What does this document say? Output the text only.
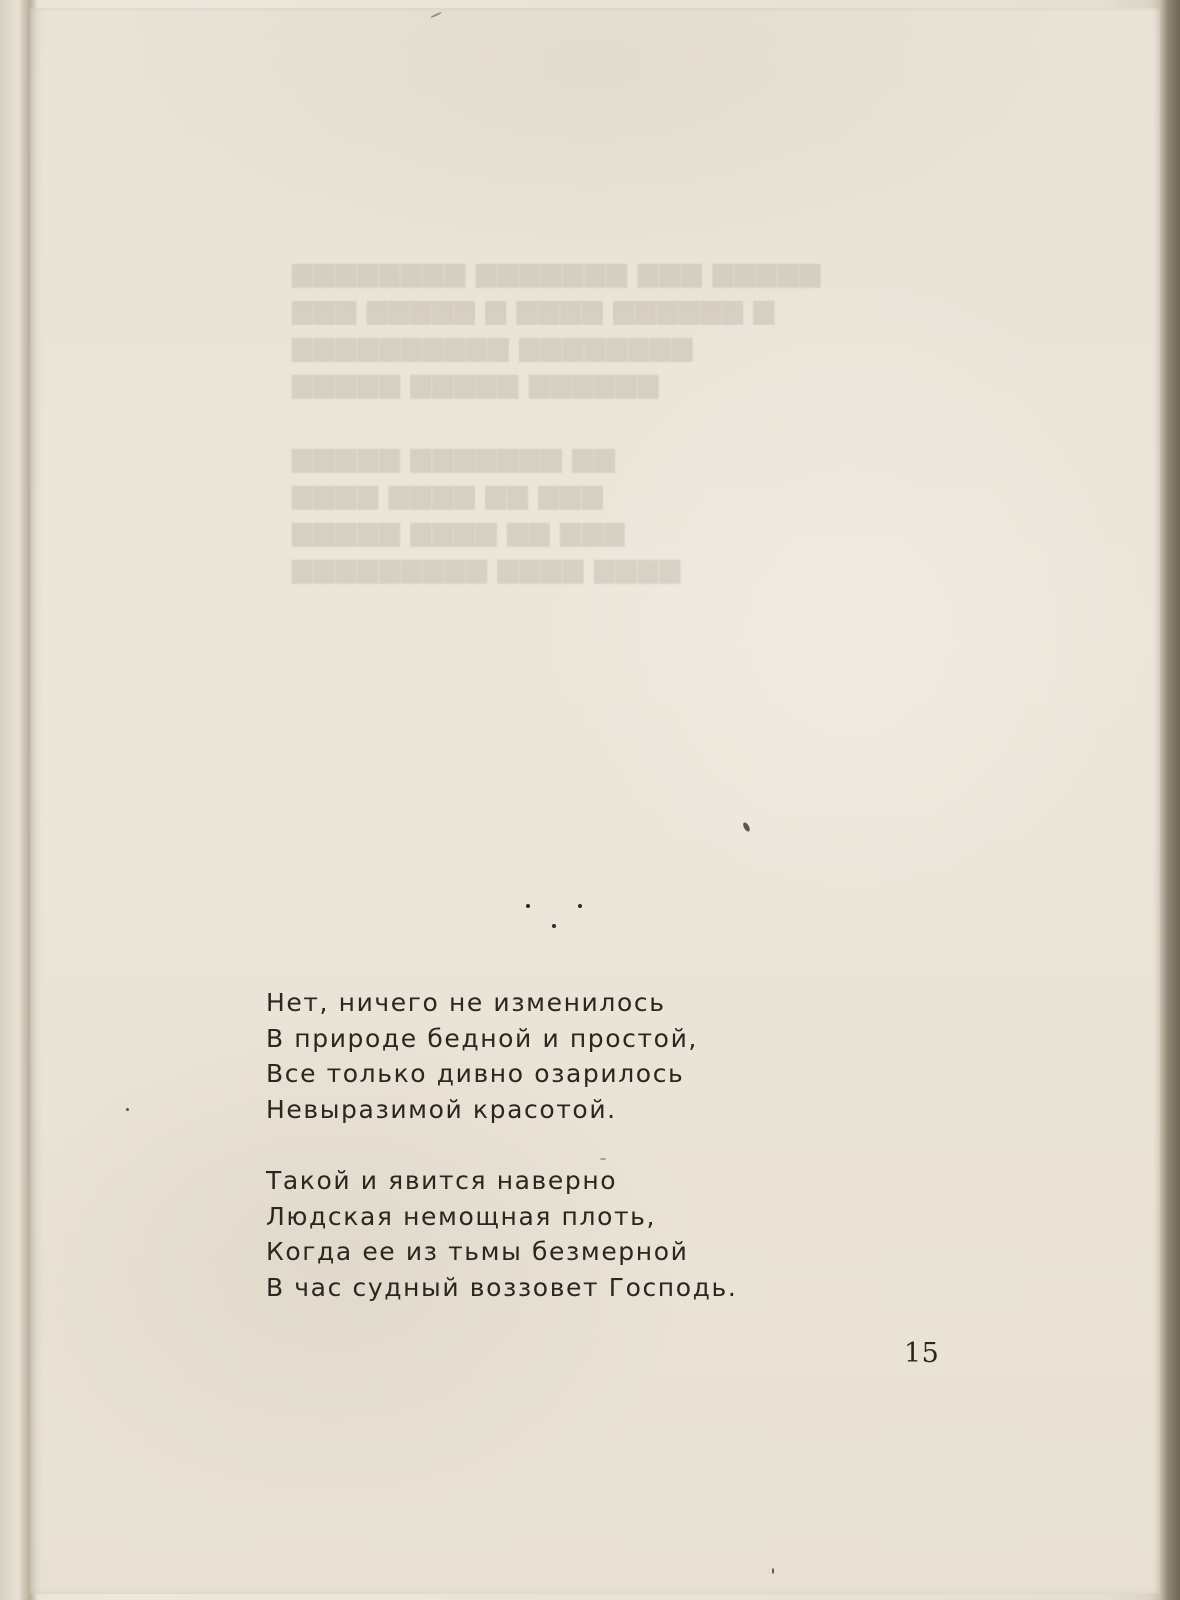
▆▆▆▆▆ ▆▆▆ ▆▆▆▆▆▆▆ ▆▆▆▆▆▆▆▆
▆ ▆▆▆▆▆▆ ▆▆▆▆ ▆ ▆▆▆▆▆ ▆▆▆
▆▆▆▆▆▆▆▆ ▆▆▆▆▆▆▆▆▆▆
▆▆▆▆▆▆ ▆▆▆▆▆ ▆▆▆▆▆

▆▆ ▆▆▆▆▆▆▆ ▆▆▆▆▆
▆▆▆ ▆▆ ▆▆▆▆ ▆▆▆▆
▆▆▆ ▆▆ ▆▆▆▆ ▆▆▆▆▆
▆▆▆▆ ▆▆▆▆ ▆▆▆▆▆▆▆▆▆

Нет, ничего не изменилось
В природе бедной и простой,
Все только дивно озарилось
Невыразимой красотой.

Такой и явится наверно
Людская немощная плоть,
Когда ее из тьмы безмерной
В час судный воззовет Господь.

15
